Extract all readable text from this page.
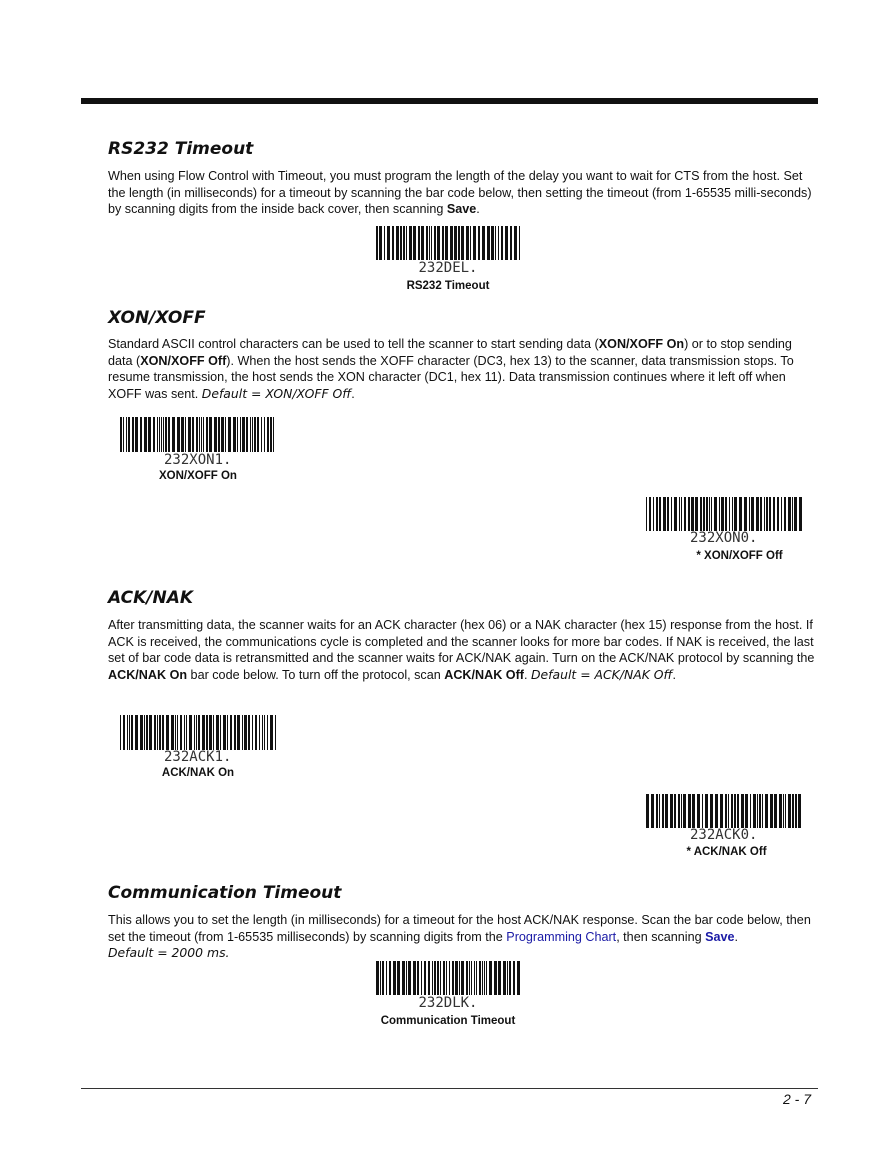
RS232 Timeout

When using Flow Control with Timeout, you must program the length of the delay you want to wait for CTS from the host. Set the length (in milliseconds) for a timeout by scanning the bar code below, then setting the timeout (from 1-65535 milli-seconds) by scanning digits from the inside back cover, then scanning Save.

232DEL.
RS232 Timeout
XON/XOFF

Standard ASCII control characters can be used to tell the scanner to start sending data (XON/XOFF On) or to stop sending data (XON/XOFF Off). When the host sends the XOFF character (DC3, hex 13) to the scanner, data transmission stops. To resume transmission, the host sends the XON character (DC1, hex 11). Data transmission continues where it left off when XOFF was sent. Default = XON/XOFF Off.

232XON1.
XON/XOFF On
232XON0.
* XON/XOFF Off
ACK/NAK

After transmitting data, the scanner waits for an ACK character (hex 06) or a NAK character (hex 15) response from the host. If ACK is received, the communications cycle is completed and the scanner looks for more bar codes. If NAK is received, the last set of bar code data is retransmitted and the scanner waits for ACK/NAK again. Turn on the ACK/NAK protocol by scanning the ACK/NAK On bar code below. To turn off the protocol, scan ACK/NAK Off. Default = ACK/NAK Off.

232ACK1.
ACK/NAK On
232ACK0.
* ACK/NAK Off
Communication Timeout

This allows you to set the length (in milliseconds) for a timeout for the host ACK/NAK response. Scan the bar code below, then set the timeout (from 1-65535 milliseconds) by scanning digits from the Programming Chart, then scanning Save.
Default = 2000 ms.

232DLK.
Communication Timeout
2 - 7
